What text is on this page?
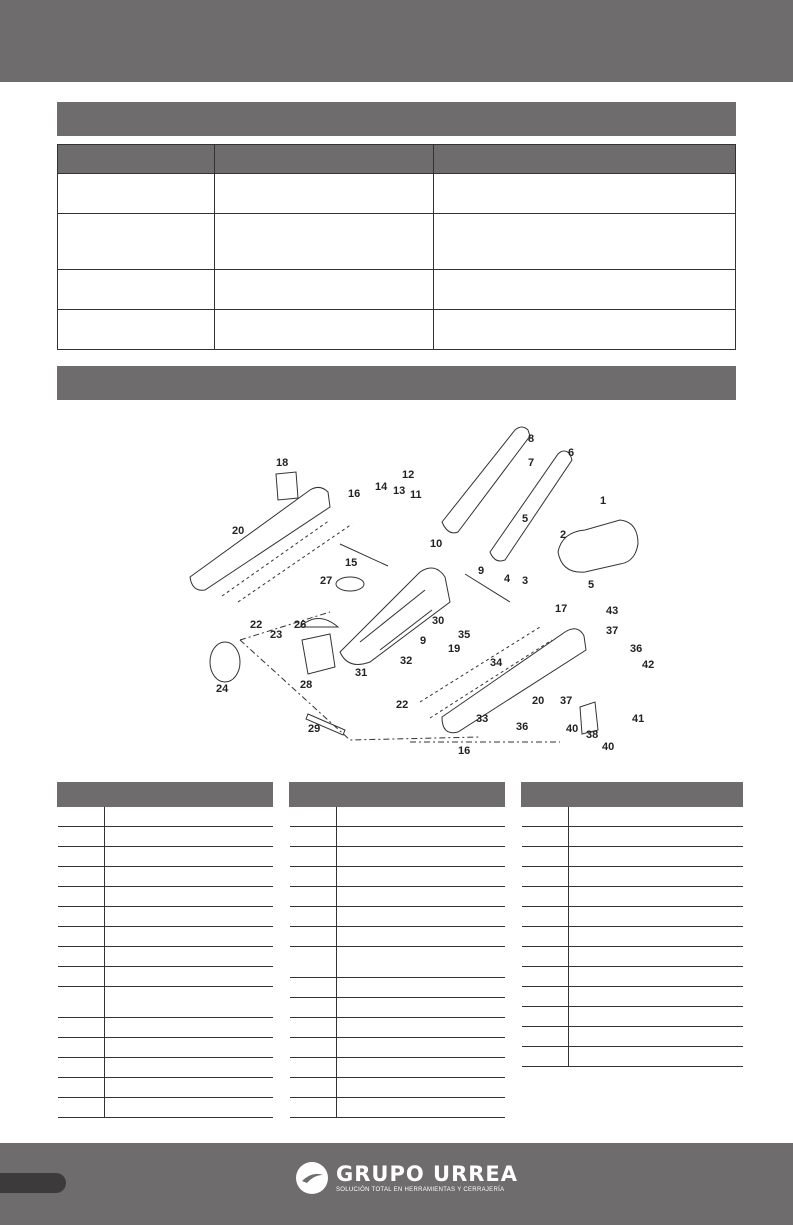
1
2
3
4
5
5
6
7
8
9
9
10
11
12
13
14
15
16
16
17
18
19
20
20
22
22
23
24
26
27
28
29
30
31
32
33
34
35
36
36
37
37
38
40
40
41
42
43

GRUPO URREA
SOLUCIÓN TOTAL EN HERRAMIENTAS Y CERRAJERÍA
